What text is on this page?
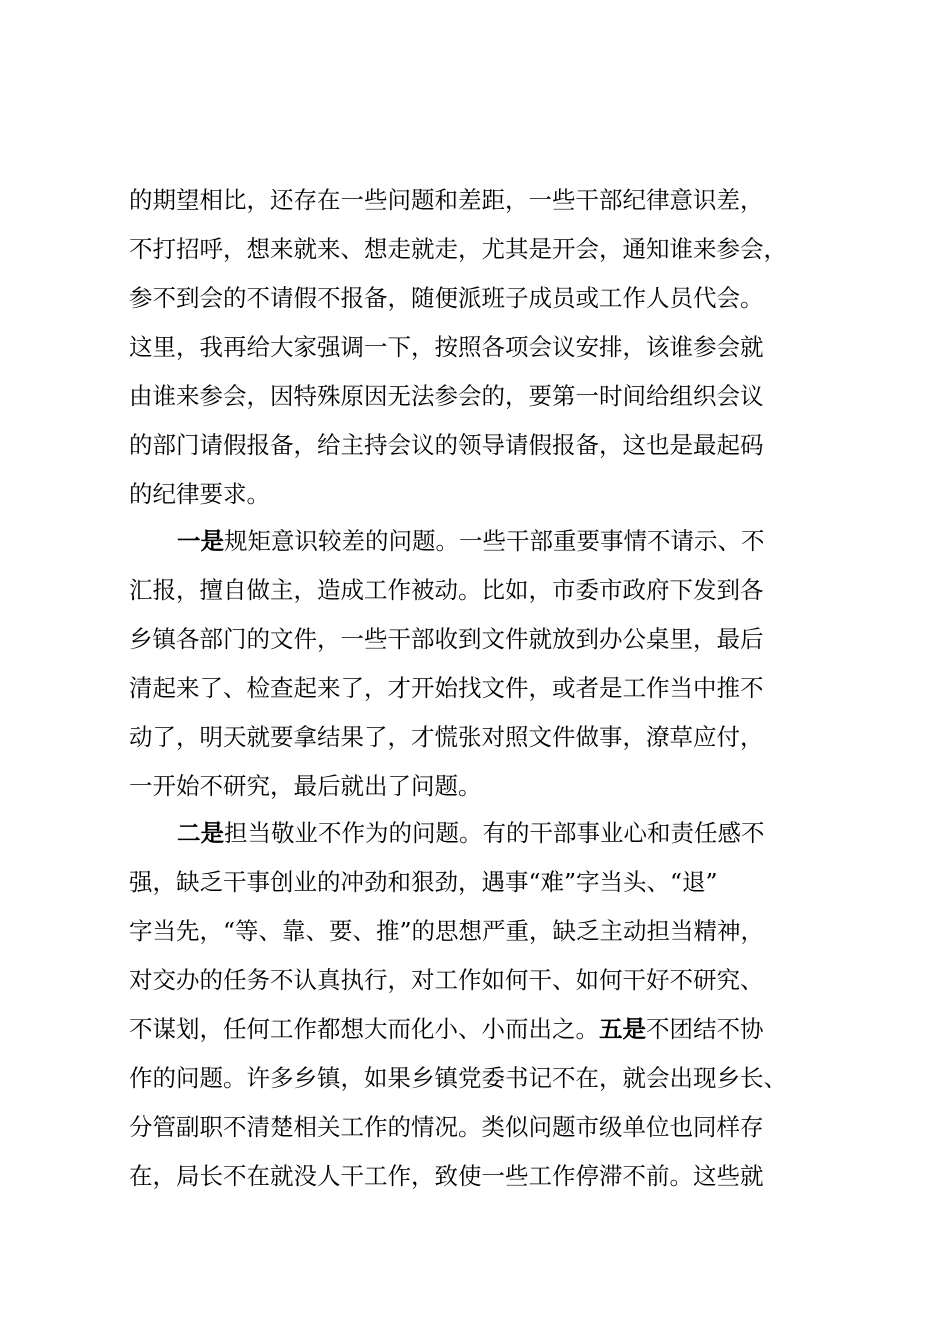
的期望相比，还存在一些问题和差距，一些干部纪律意识差，
不打招呼，想来就来、想走就走，尤其是开会，通知谁来参会，
参不到会的不请假不报备，随便派班子成员或工作人员代会。
这里，我再给大家强调一下，按照各项会议安排，该谁参会就
由谁来参会，因特殊原因无法参会的，要第一时间给组织会议
的部门请假报备，给主持会议的领导请假报备，这也是最起码
的纪律要求。
一是规矩意识较差的问题。一些干部重要事情不请示、不
汇报，擅自做主，造成工作被动。比如，市委市政府下发到各
乡镇各部门的文件，一些干部收到文件就放到办公桌里，最后
清起来了、检查起来了，才开始找文件，或者是工作当中推不
动了，明天就要拿结果了，才慌张对照文件做事，潦草应付，
一开始不研究，最后就出了问题。
二是担当敬业不作为的问题。有的干部事业心和责任感不
强，缺乏干事创业的冲劲和狠劲，遇事“难”字当头、“退”
字当先，“等、靠、要、推”的思想严重，缺乏主动担当精神，
对交办的任务不认真执行，对工作如何干、如何干好不研究、
不谋划，任何工作都想大而化小、小而出之。五是不团结不协
作的问题。许多乡镇，如果乡镇党委书记不在，就会出现乡长、
分管副职不清楚相关工作的情况。类似问题市级单位也同样存
在，局长不在就没人干工作，致使一些工作停滞不前。这些就
